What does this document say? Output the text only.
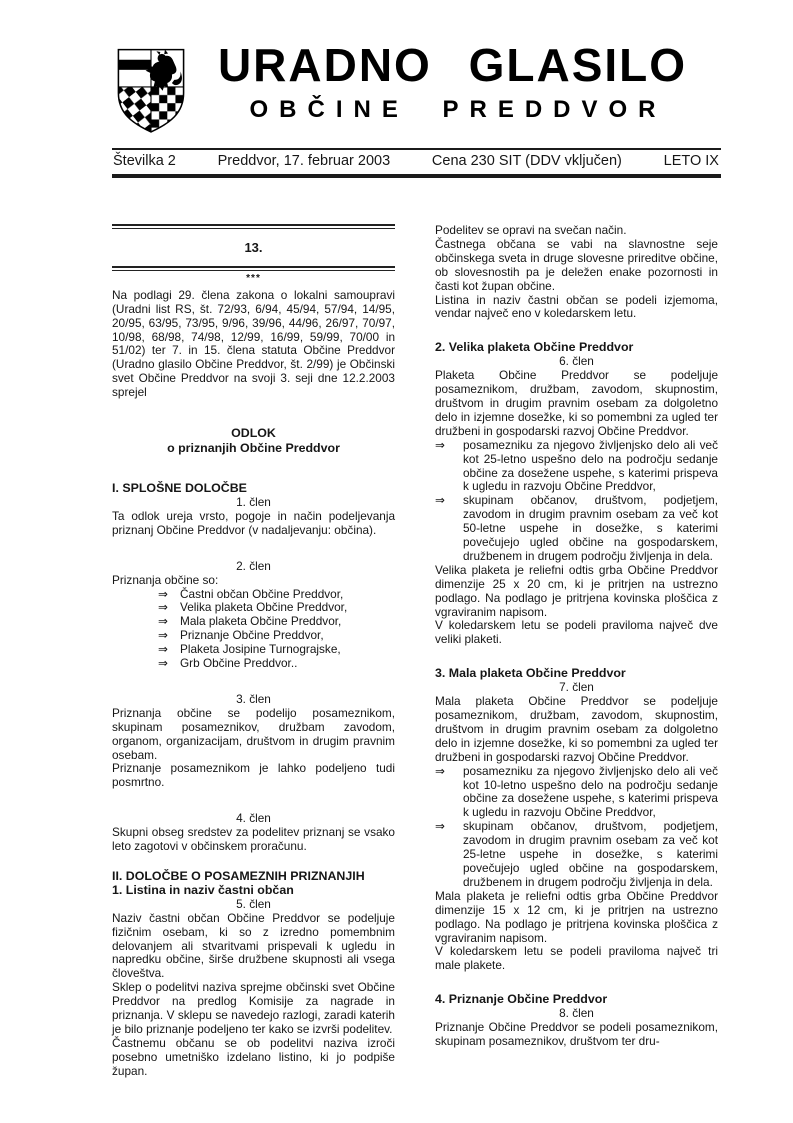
URADNO GLASILO
OBČINE PREDDVOR
Številka 2	Preddvor, 17. februar 2003	Cena 230 SIT (DDV vključen)	LETO IX
13.
***
Na podlagi 29. člena zakona o lokalni samoupravi (Uradni list RS, št. 72/93, 6/94, 45/94, 57/94, 14/95, 20/95, 63/95, 73/95, 9/96, 39/96, 44/96, 26/97, 70/97, 10/98, 68/98, 74/98, 12/99, 16/99, 59/99, 70/00 in 51/02) ter 7. in 15. člena statuta Občine Preddvor (Uradno glasilo Občine Preddvor, št. 2/99) je Občinski svet Občine Preddvor na svoji 3. seji dne 12.2.2003 sprejel
ODLOK
o priznanjih Občine Preddvor
I. SPLOŠNE DOLOČBE
1. člen
Ta odlok ureja vrsto, pogoje in način podeljevanja priznanj Občine Preddvor (v nadaljevanju: občina).
2. člen
Priznanja občine so:
⇒	Častni občan Občine Preddvor,
⇒	Velika plaketa Občine Preddvor,
⇒	Mala plaketa Občine Preddvor,
⇒	Priznanje Občine Preddvor,
⇒	Plaketa Josipine Turnograjske,
⇒	Grb Občine Preddvor..
3. člen
Priznanja občine se podelijo posameznikom, skupinam posameznikov, družbam zavodom, organom, organizacijam, društvom in drugim pravnim osebam.
Priznanje posameznikom je lahko podeljeno tudi posmrtno.
4. člen
Skupni obseg sredstev za podelitev priznanj se vsako leto zagotovi v občinskem proračunu.
II. DOLOČBE O POSAMEZNIH PRIZNANJIH
1. Listina in naziv častni občan
5. člen
Naziv častni občan Občine Preddvor se podeljuje fizičnim osebam, ki so z izredno pomembnim delovanjem ali stvaritvami prispevali k ugledu in napredku občine, širše družbene skupnosti ali vsega človeštva.
Sklep o podelitvi naziva sprejme občinski svet Občine Preddvor na predlog Komisije za nagrade in priznanja. V sklepu se navedejo razlogi, zaradi katerih je bilo priznanje podeljeno ter kako se izvrši podelitev.
Častnemu občanu se ob podelitvi naziva izroči posebno umetniško izdelano listino, ki jo podpiše župan.
Podelitev se opravi na svečan način.
Častnega občana se vabi na slavnostne seje občinskega sveta in druge slovesne prireditve občine, ob slovesnostih pa je deležen enake pozornosti in časti kot župan občine.
Listina in naziv častni občan se podeli izjemoma, vendar največ eno v koledarskem letu.
2. Velika plaketa Občine Preddvor
6. člen
Plaketa Občine Preddvor se podeljuje posameznikom, družbam, zavodom, skupnostim, društvom in drugim pravnim osebam za dolgoletno delo in izjemne dosežke, ki so pomembni za ugled ter družbeni in gospodarski razvoj Občine Preddvor.
⇒	posamezniku za njegovo življenjsko delo ali več kot 25-letno uspešno delo na področju sedanje občine za dosežene uspehe, s katerimi prispeva k ugledu in razvoju Občine Preddvor,
⇒	skupinam občanov, društvom, podjetjem, zavodom in drugim pravnim osebam za več kot 50-letne uspehe in dosežke, s katerimi povečujejo ugled občine na gospodarskem, družbenem in drugem področju življenja in dela.
Velika plaketa je reliefni odtis grba Občine Preddvor dimenzije 25 x 20 cm, ki je pritrjen na ustrezno podlago. Na podlago je pritrjena kovinska ploščica z vgraviranim napisom.
V koledarskem letu se podeli praviloma največ dve veliki plaketi.
3. Mala plaketa Občine Preddvor
7. člen
Mala plaketa Občine Preddvor se podeljuje posameznikom, družbam, zavodom, skupnostim, društvom in drugim pravnim osebam za dolgoletno delo in izjemne dosežke, ki so pomembni za ugled ter družbeni in gospodarski razvoj Občine Preddvor.
⇒	posamezniku za njegovo življenjsko delo ali več kot 10-letno uspešno delo na področju sedanje občine za dosežene uspehe, s katerimi prispeva k ugledu in razvoju Občine Preddvor,
⇒	skupinam občanov, društvom, podjetjem, zavodom in drugim pravnim osebam za več kot 25-letne uspehe in dosežke, s katerimi povečujejo ugled občine na gospodarskem, družbenem in drugem področju življenja in dela.
Mala plaketa je reliefni odtis grba Občine Preddvor dimenzije 15 x 12 cm, ki je pritrjen na ustrezno podlago. Na podlago je pritrjena kovinska ploščica z vgraviranim napisom.
V koledarskem letu se podeli praviloma največ tri male plakete.
4. Priznanje Občine Preddvor
8. člen
Priznanje Občine Preddvor se podeli posameznikom, skupinam posameznikov, društvom ter dru-
